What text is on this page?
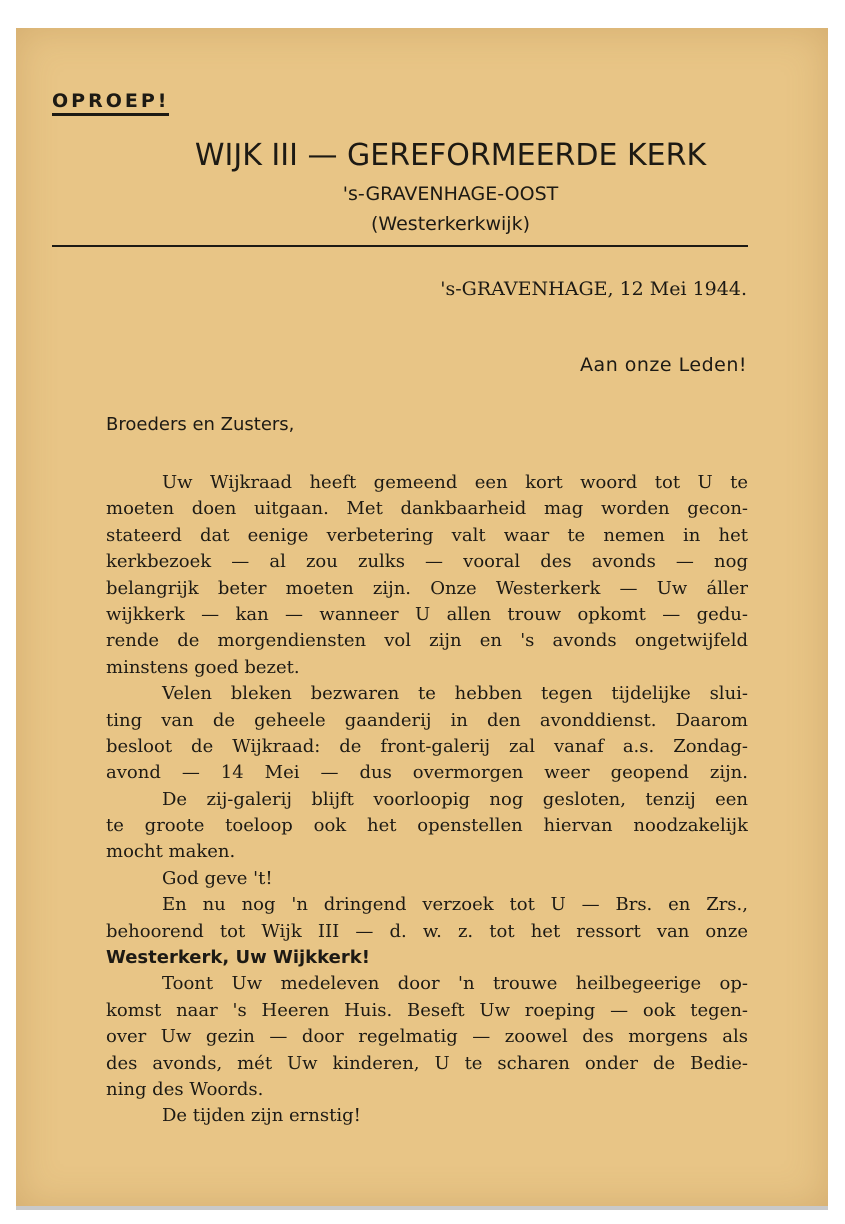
OPROEP!
WIJK III — GEREFORMEERDE KERK
's-GRAVENHAGE-OOST
(Westerkerkwijk)
's-GRAVENHAGE, 12 Mei 1944.
Aan onze Leden!
Broeders en Zusters,
Uw Wijkraad heeft gemeend een kort woord tot U te
moeten doen uitgaan. Met dankbaarheid mag worden gecon-
stateerd dat eenige verbetering valt waar te nemen in het
kerkbezoek — al zou zulks — vooral des avonds — nog
belangrijk beter moeten zijn. Onze Westerkerk — Uw áller
wijkkerk — kan — wanneer U allen trouw opkomt — gedu-
rende de morgendiensten vol zijn en 's avonds ongetwijfeld
minstens goed bezet.
Velen bleken bezwaren te hebben tegen tijdelijke slui-
ting van de geheele gaanderij in den avonddienst. Daarom
besloot de Wijkraad: de front-galerij zal vanaf a.s. Zondag-
avond — 14 Mei — dus overmorgen weer geopend zijn.
De zij-galerij blijft voorloopig nog gesloten, tenzij een
te groote toeloop ook het openstellen hiervan noodzakelijk
mocht maken.
God geve 't!
En nu nog 'n dringend verzoek tot U — Brs. en Zrs.,
behoorend tot Wijk III — d. w. z. tot het ressort van onze
Westerkerk, Uw Wijkkerk!
Toont Uw medeleven door 'n trouwe heilbegeerige op-
komst naar 's Heeren Huis. Beseft Uw roeping — ook tegen-
over Uw gezin — door regelmatig — zoowel des morgens als
des avonds, mét Uw kinderen, U te scharen onder de Bedie-
ning des Woords.
De tijden zijn ernstig!
